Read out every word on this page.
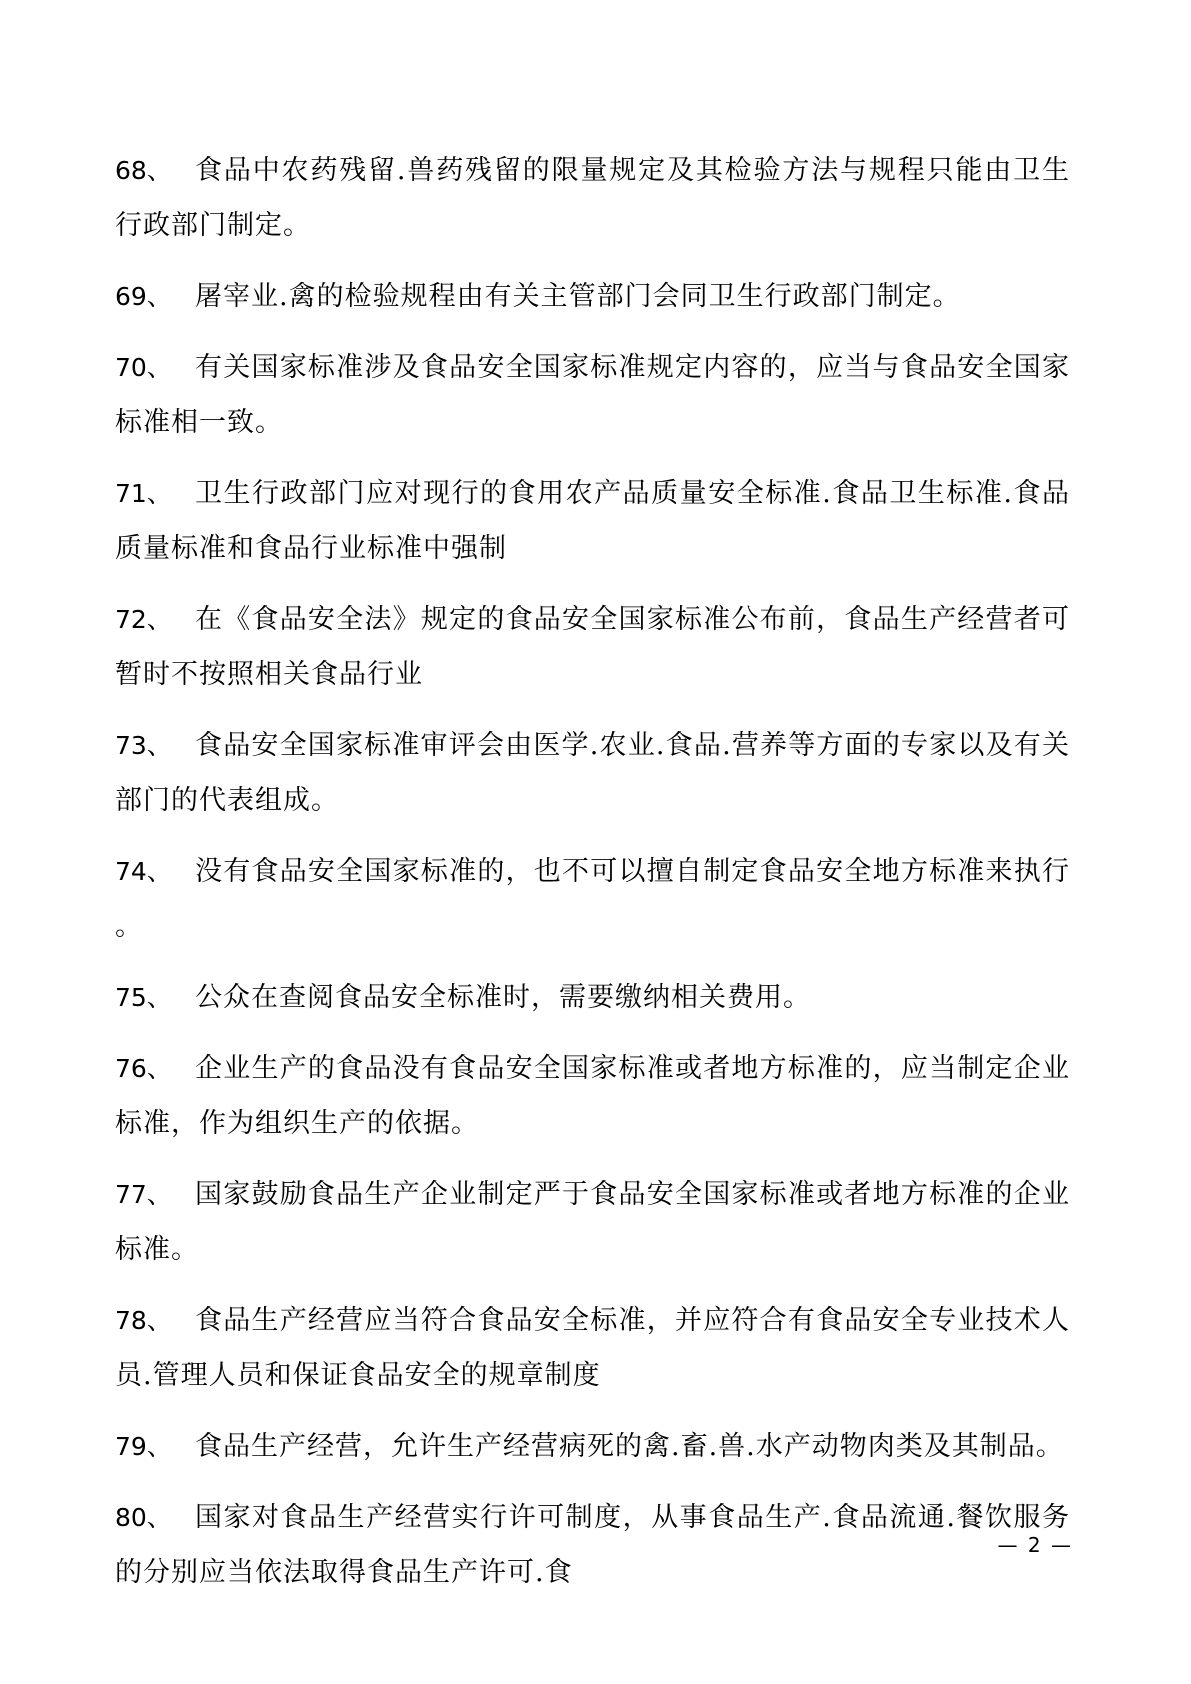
68、 食品中农药残留.兽药残留的限量规定及其检验方法与规程只能由卫生行政部门制定。
69、 屠宰业.禽的检验规程由有关主管部门会同卫生行政部门制定。
70、 有关国家标准涉及食品安全国家标准规定内容的，应当与食品安全国家标准相一致。
71、 卫生行政部门应对现行的食用农产品质量安全标准.食品卫生标准.食品质量标准和食品行业标准中强制
72、 在《食品安全法》规定的食品安全国家标准公布前，食品生产经营者可暂时不按照相关食品行业
73、 食品安全国家标准审评会由医学.农业.食品.营养等方面的专家以及有关部门的代表组成。
74、 没有食品安全国家标准的，也不可以擅自制定食品安全地方标准来执行。
75、 公众在查阅食品安全标准时，需要缴纳相关费用。
76、 企业生产的食品没有食品安全国家标准或者地方标准的，应当制定企业标准，作为组织生产的依据。
77、 国家鼓励食品生产企业制定严于食品安全国家标准或者地方标准的企业标准。
78、 食品生产经营应当符合食品安全标准，并应符合有食品安全专业技术人员.管理人员和保证食品安全的规章制度
79、 食品生产经营，允许生产经营病死的禽.畜.兽.水产动物肉类及其制品。
80、 国家对食品生产经营实行许可制度，从事食品生产.食品流通.餐饮服务的分别应当依法取得食品生产许可.食
— 2 —
